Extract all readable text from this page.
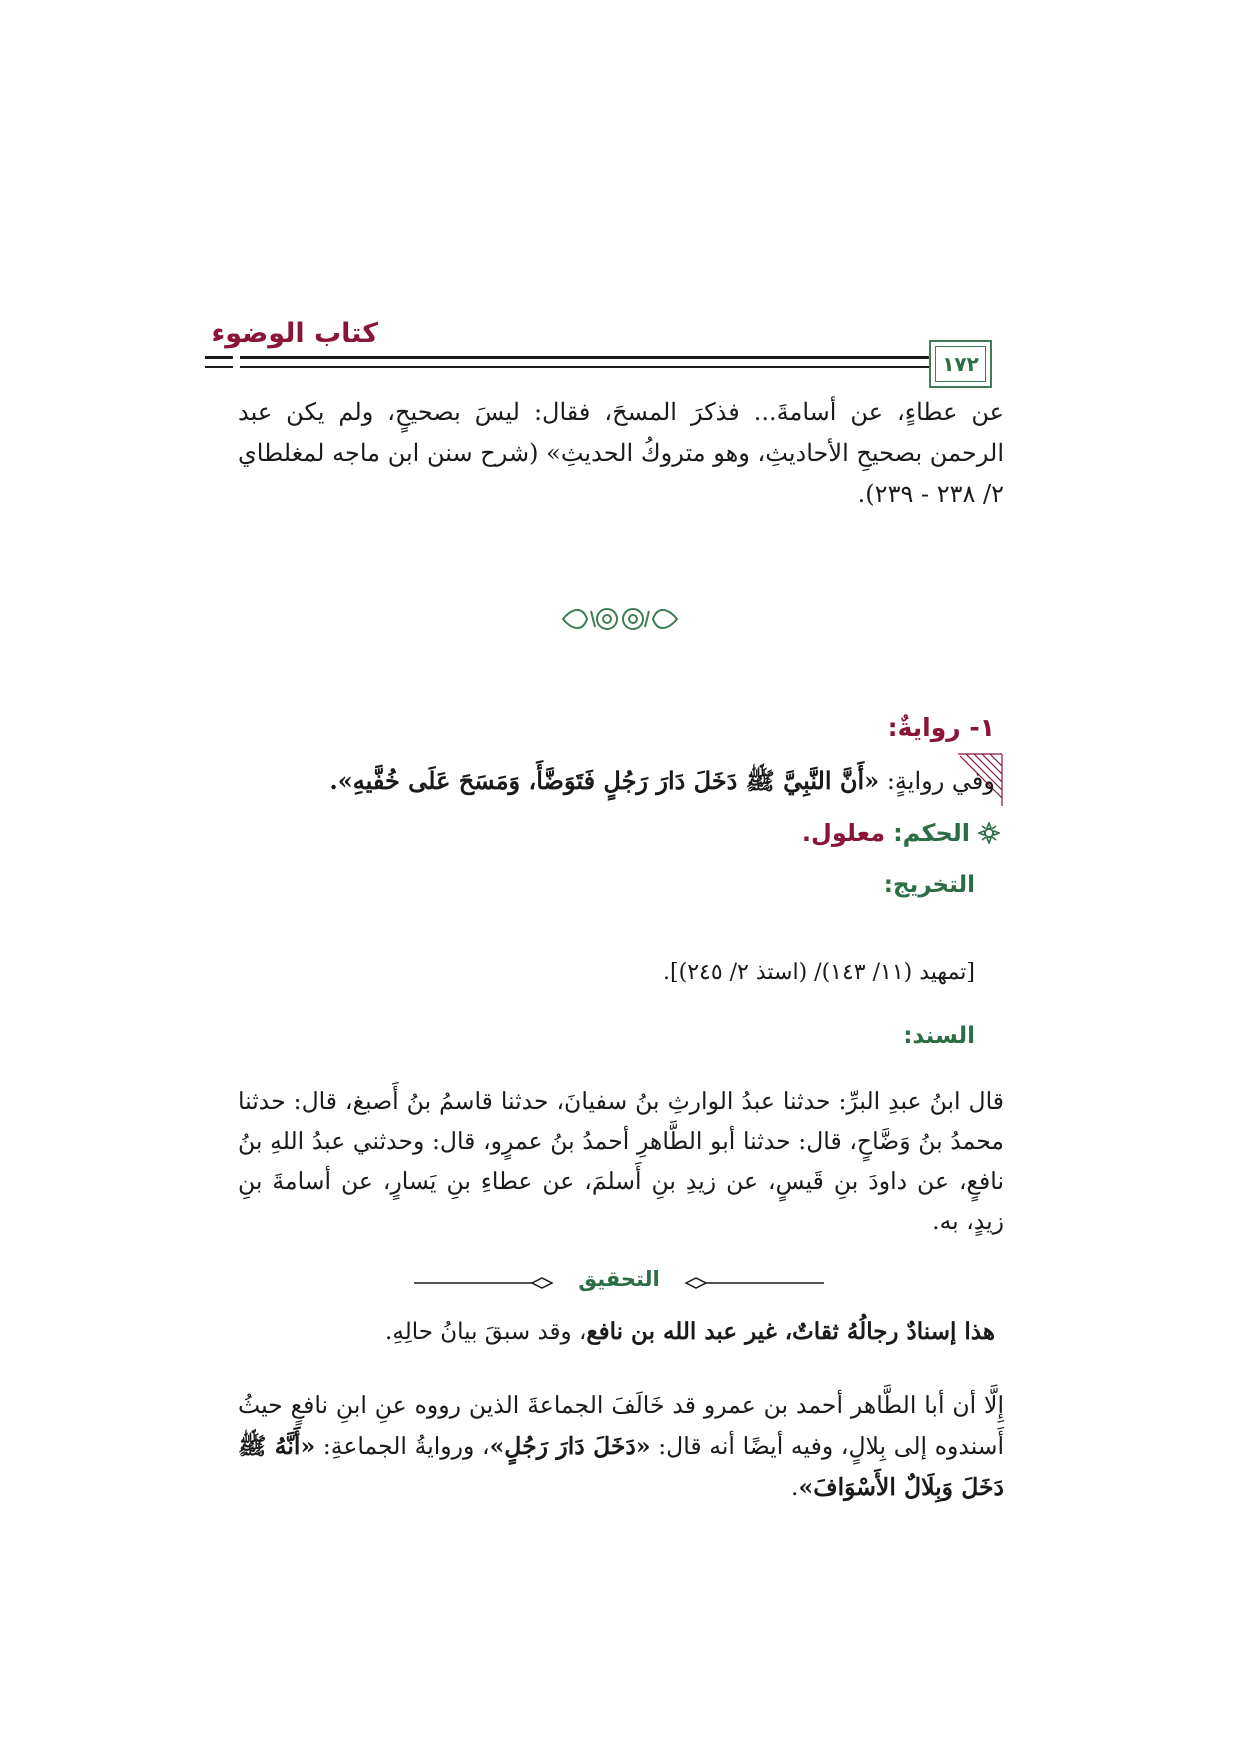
كتاب الوضوء
١٧٢
عن عطاءٍ، عن أسامةَ... فذكرَ المسحَ، فقال: ليسَ بصحيحٍ، ولم يكن عبد الرحمن بصحيحِ الأحاديثِ، وهو متروكُ الحديثِ» (شرح سنن ابن ماجه لمغلطاي ٢/ ٢٣٨ - ٢٣٩).
١- روايةٌ:
وفي روايةٍ: «أَنَّ النَّبِيَّ ﷺ دَخَلَ دَارَ رَجُلٍ فَتَوَضَّأَ، وَمَسَحَ عَلَى خُفَّيهِ».
الحكم:
معلول.
التخريج:
[تمهيد (١١/ ١٤٣)/ (استذ ٢/ ٢٤٥)].
السند:
قال ابنُ عبدِ البرِّ: حدثنا عبدُ الوارثِ بنُ سفيانَ، حدثنا قاسمُ بنُ أَصبغ، قال: حدثنا محمدُ بنُ وَضَّاحٍ، قال: حدثنا أبو الطَّاهرِ أحمدُ بنُ عمرٍو، قال: وحدثني عبدُ اللهِ بنُ نافعٍ، عن داودَ بنِ قَيسٍ، عن زيدِ بنِ أَسلمَ، عن عطاءِ بنِ يَسارٍ، عن أسامةَ بنِ زيدٍ، به.
التحقيق
هذا إسنادٌ رجالُهُ ثقاتٌ، غير عبد الله بن نافع، وقد سبقَ بيانُ حالِهِ.
إِلَّا أن أبا الطَّاهر أحمد بن عمرو قد خَالَفَ الجماعةَ الذين رووه عنِ ابنِ نافعٍ حيثُ أَسندوه إلى بِلالٍ، وفيه أيضًا أنه قال: «دَخَلَ دَارَ رَجُلٍ»، وروايةُ الجماعةِ: «أَنَّهُ ﷺ دَخَلَ وَبِلَالٌ الأَسْوَافَ».
